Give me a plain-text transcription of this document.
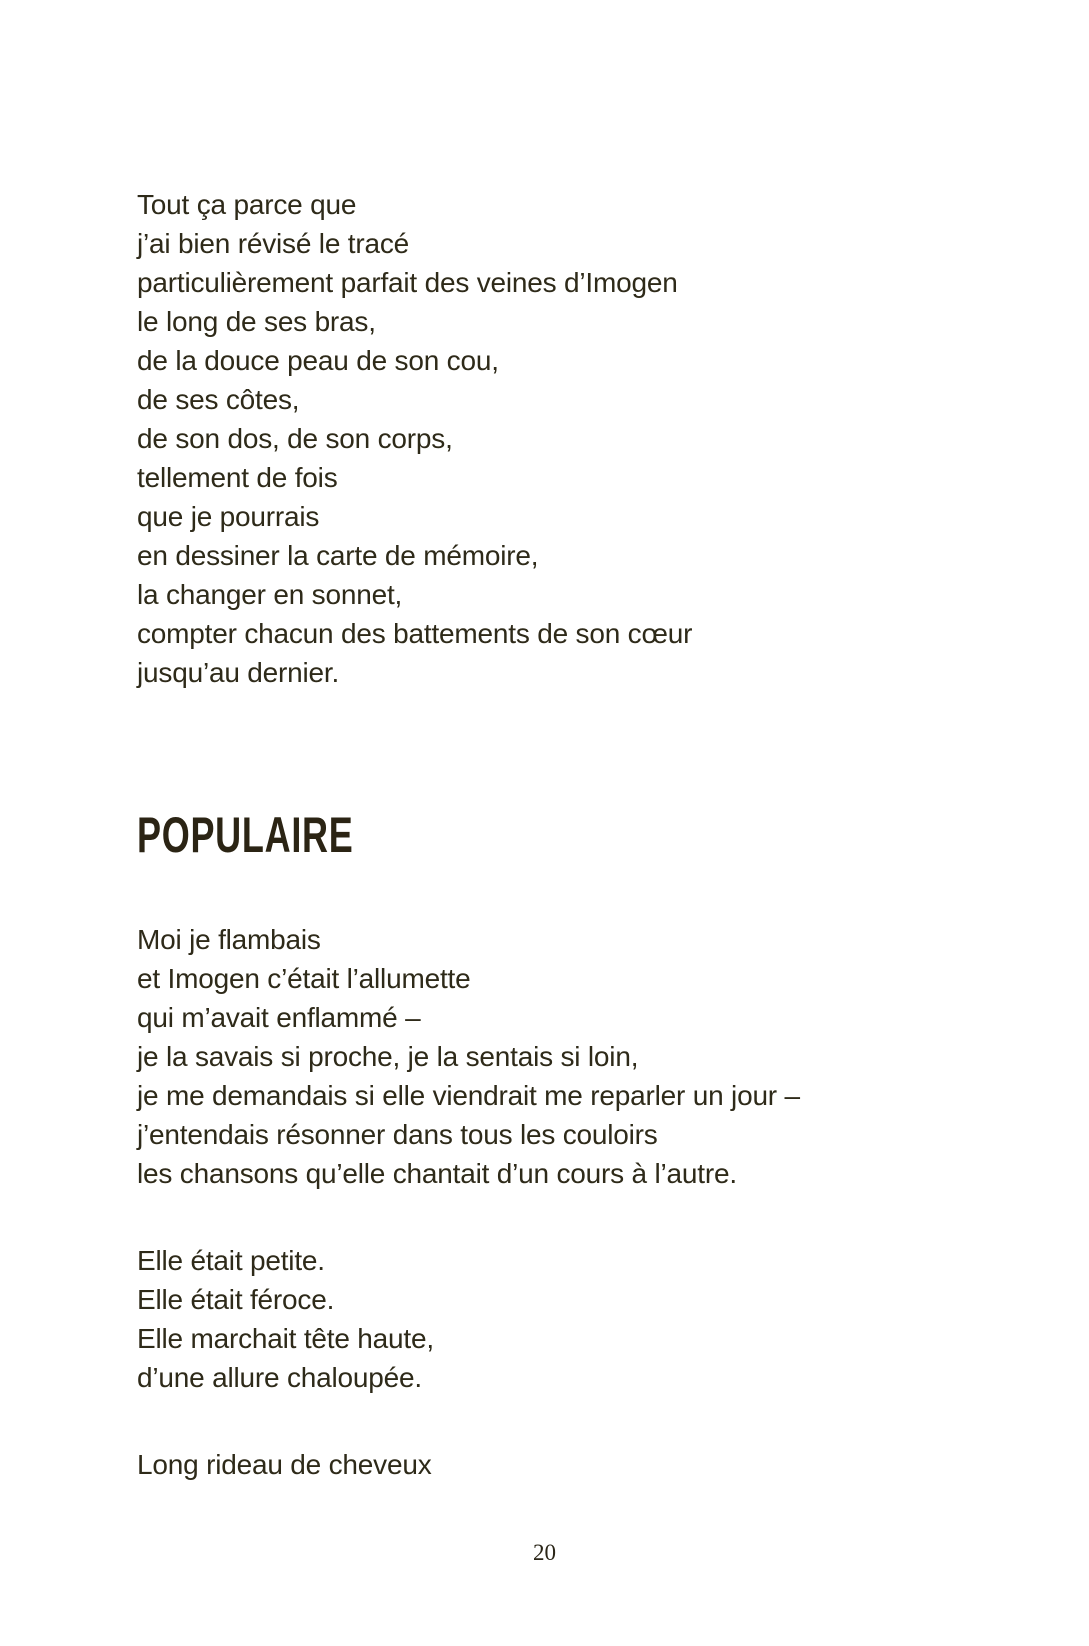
Tout ça parce que
j’ai bien révisé le tracé
particulièrement parfait des veines d’Imogen
le long de ses bras,
de la douce peau de son cou,
de ses côtes,
de son dos, de son corps,
tellement de fois
que je pourrais
en dessiner la carte de mémoire,
la changer en sonnet,
compter chacun des battements de son cœur
jusqu’au dernier.
POPULAIRE
Moi je flambais
et Imogen c’était l’allumette
qui m’avait enflammé –
je la savais si proche, je la sentais si loin,
je me demandais si elle viendrait me reparler un jour –
j’entendais résonner dans tous les couloirs
les chansons qu’elle chantait d’un cours à l’autre.
Elle était petite.
Elle était féroce.
Elle marchait tête haute,
d’une allure chaloupée.
Long rideau de cheveux
20
